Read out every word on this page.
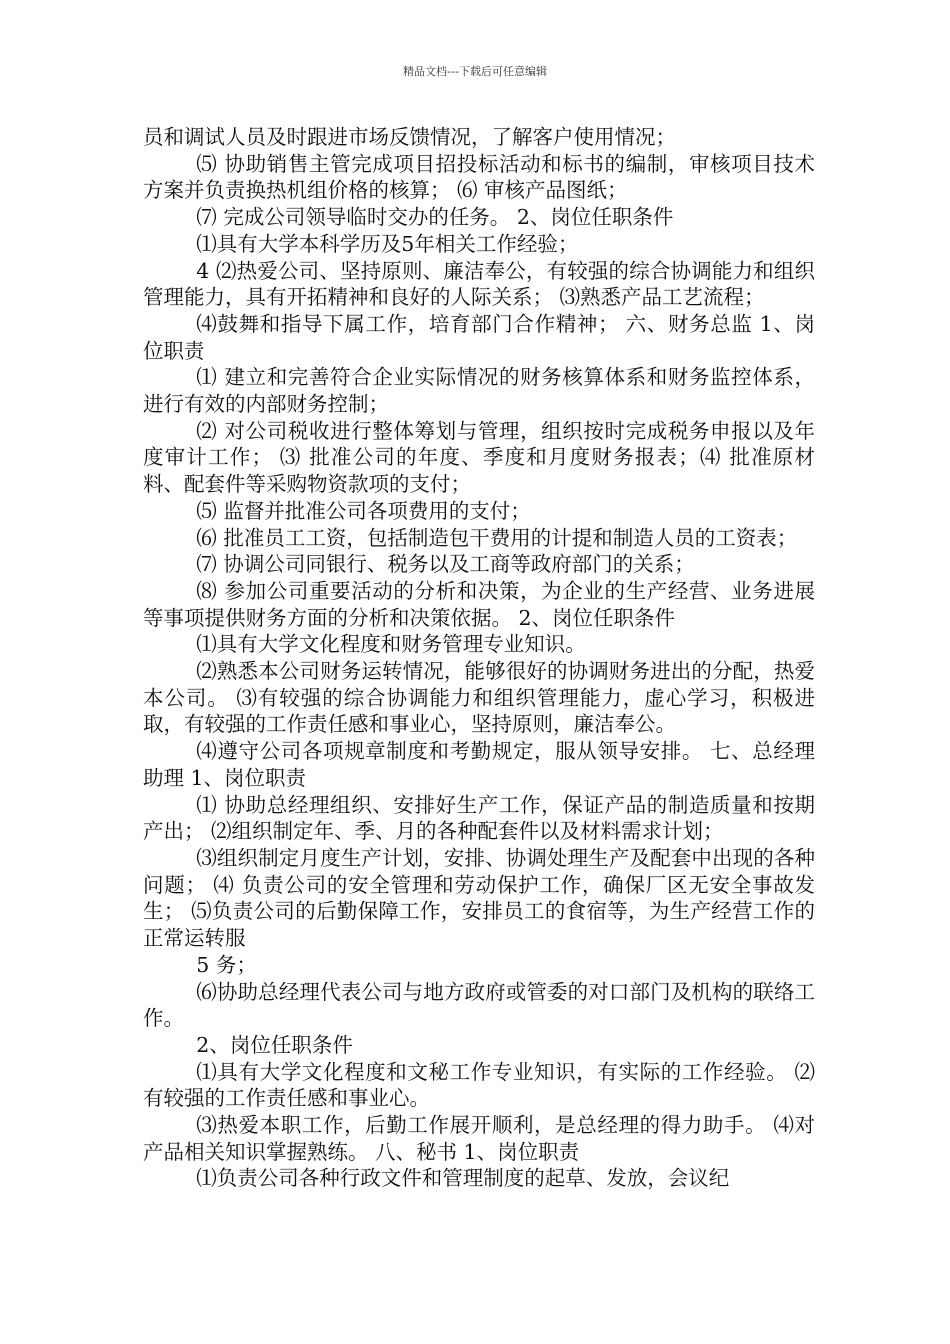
精品文档---下载后可任意编辑

员和调试人员及时跟进市场反馈情况，了解客户使用情况；

⑸ 协助销售主管完成项目招投标活动和标书的编制，审核项目技术方案并负责换热机组价格的核算； ⑹ 审核产品图纸；

⑺ 完成公司领导临时交办的任务。 2、岗位任职条件

⑴具有大学本科学历及5年相关工作经验；

4 ⑵热爱公司、坚持原则、廉洁奉公，有较强的综合协调能力和组织管理能力，具有开拓精神和良好的人际关系； ⑶熟悉产品工艺流程；

⑷鼓舞和指导下属工作，培育部门合作精神； 六、财务总监 1、岗位职责

⑴ 建立和完善符合企业实际情况的财务核算体系和财务监控体系，进行有效的内部财务控制；

⑵ 对公司税收进行整体筹划与管理，组织按时完成税务申报以及年度审计工作； ⑶ 批准公司的年度、季度和月度财务报表；⑷ 批准原材料、配套件等采购物资款项的支付；

⑸ 监督并批准公司各项费用的支付；

⑹ 批准员工工资，包括制造包干费用的计提和制造人员的工资表；

⑺ 协调公司同银行、税务以及工商等政府部门的关系；

⑻ 参加公司重要活动的分析和决策，为企业的生产经营、业务进展等事项提供财务方面的分析和决策依据。 2、岗位任职条件

⑴具有大学文化程度和财务管理专业知识。

⑵熟悉本公司财务运转情况，能够很好的协调财务进出的分配，热爱本公司。 ⑶有较强的综合协调能力和组织管理能力，虚心学习，积极进取，有较强的工作责任感和事业心，坚持原则，廉洁奉公。

⑷遵守公司各项规章制度和考勤规定，服从领导安排。 七、总经理助理 1、岗位职责

⑴ 协助总经理组织、安排好生产工作，保证产品的制造质量和按期产出； ⑵组织制定年、季、月的各种配套件以及材料需求计划；

⑶组织制定月度生产计划，安排、协调处理生产及配套中出现的各种问题； ⑷ 负责公司的安全管理和劳动保护工作，确保厂区无安全事故发生； ⑸负责公司的后勤保障工作，安排员工的食宿等，为生产经营工作的正常运转服

5 务；

⑹协助总经理代表公司与地方政府或管委的对口部门及机构的联络工作。

2、岗位任职条件

⑴具有大学文化程度和文秘工作专业知识，有实际的工作经验。 ⑵有较强的工作责任感和事业心。

⑶热爱本职工作，后勤工作展开顺利，是总经理的得力助手。 ⑷对产品相关知识掌握熟练。 八、秘书 1、岗位职责

⑴负责公司各种行政文件和管理制度的起草、发放，会议纪
